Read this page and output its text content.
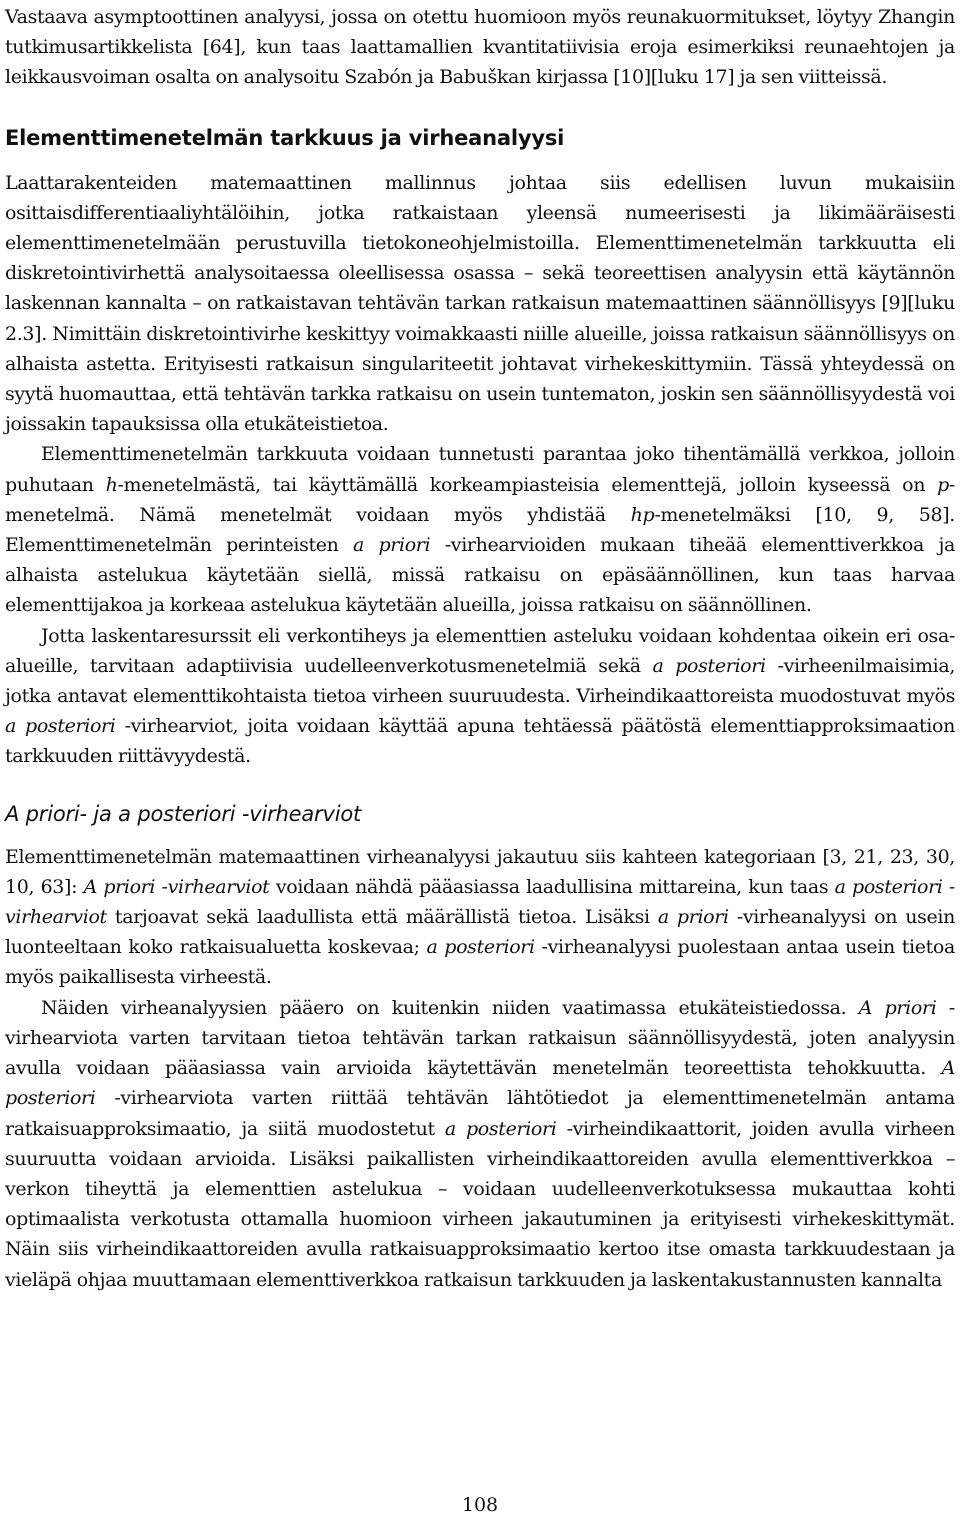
Vastaava asymptoottinen analyysi, jossa on otettu huomioon myös reunakuormitukset, löytyy Zhangin tutkimusartikkelista [64], kun taas laattamallien kvantitatiivisia eroja esimerkiksi reunaehtojen ja leikkausvoiman osalta on analysoitu Szabón ja Babuškan kirjassa [10][luku 17] ja sen viitteissä.

Elementtimenetelmän tarkkuus ja virheanalyysi

Laattarakenteiden matemaattinen mallinnus johtaa siis edellisen luvun mukaisiin osittaisdifferentiaaliyhtälöihin, jotka ratkaistaan yleensä numeerisesti ja likimääräisesti elementtimenetelmään perustuvilla tietokoneohjelmistoilla. Elementtimenetelmän tarkkuutta eli diskretointivirhettä analysoitaessa oleellisessa osassa – sekä teoreettisen analyysin että käytännön laskennan kannalta – on ratkaistavan tehtävän tarkan ratkaisun matemaattinen säännöllisyys [9][luku 2.3]. Nimittäin diskretointivirhe keskittyy voimakkaasti niille alueille, joissa ratkaisun säännöllisyys on alhaista astetta. Erityisesti ratkaisun singulariteetit johtavat virhekeskittymiin. Tässä yhteydessä on syytä huomauttaa, että tehtävän tarkka ratkaisu on usein tuntematon, joskin sen säännöllisyydestä voi joissakin tapauksissa olla etukäteistietoa.

Elementtimenetelmän tarkkuuta voidaan tunnetusti parantaa joko tihentämällä verkkoa, jolloin puhutaan h-menetelmästä, tai käyttämällä korkeampiasteisia elementtejä, jolloin kyseessä on p-menetelmä. Nämä menetelmät voidaan myös yhdistää hp-menetelmäksi [10, 9, 58]. Elementtimenetelmän perinteisten a priori -virhearvioiden mukaan tiheää elementtiverkkoa ja alhaista astelukua käytetään siellä, missä ratkaisu on epäsäännöllinen, kun taas harvaa elementtijakoa ja korkeaa astelukua käytetään alueilla, joissa ratkaisu on säännöllinen.

Jotta laskentaresurssit eli verkontiheys ja elementtien asteluku voidaan kohdentaa oikein eri osa-alueille, tarvitaan adaptiivisia uudelleenverkotusmenetelmiä sekä a posteriori -virheenilmaisimia, jotka antavat elementtikohtaista tietoa virheen suuruudesta. Virheindikaattoreista muodostuvat myös a posteriori -virhearviot, joita voidaan käyttää apuna tehtäessä päätöstä elementtiapproksimaation tarkkuuden riittävyydestä.

A priori- ja a posteriori -virhearviot

Elementtimenetelmän matemaattinen virheanalyysi jakautuu siis kahteen kategoriaan [3, 21, 23, 30, 10, 63]: A priori -virhearviot voidaan nähdä pääasiassa laadullisina mittareina, kun taas a posteriori -virhearviot tarjoavat sekä laadullista että määrällistä tietoa. Lisäksi a priori -virheanalyysi on usein luonteeltaan koko ratkaisualuetta koskevaa; a posteriori -virheanalyysi puolestaan antaa usein tietoa myös paikallisesta virheestä.

Näiden virheanalyysien pääero on kuitenkin niiden vaatimassa etukäteistiedossa. A priori -virhearviota varten tarvitaan tietoa tehtävän tarkan ratkaisun säännöllisyydestä, joten analyysin avulla voidaan pääasiassa vain arvioida käytettävän menetelmän teoreettista tehokkuutta. A posteriori -virhearviota varten riittää tehtävän lähtötiedot ja elementtimenetelmän antama ratkaisuapproksimaatio, ja siitä muodostetut a posteriori -virheindikaattorit, joiden avulla virheen suuruutta voidaan arvioida. Lisäksi paikallisten virheindikaattoreiden avulla elementtiverkkoa – verkon tiheyttä ja elementtien astelukua – voidaan uudelleenverkotuksessa mukauttaa kohti optimaalista verkotusta ottamalla huomioon virheen jakautuminen ja erityisesti virhekeskittymät. Näin siis virheindikaattoreiden avulla ratkaisuapproksimaatio kertoo itse omasta tarkkuudestaan ja vieläpä ohjaa muuttamaan elementtiverkkoa ratkaisun tarkkuuden ja laskentakustannusten kannalta

108
